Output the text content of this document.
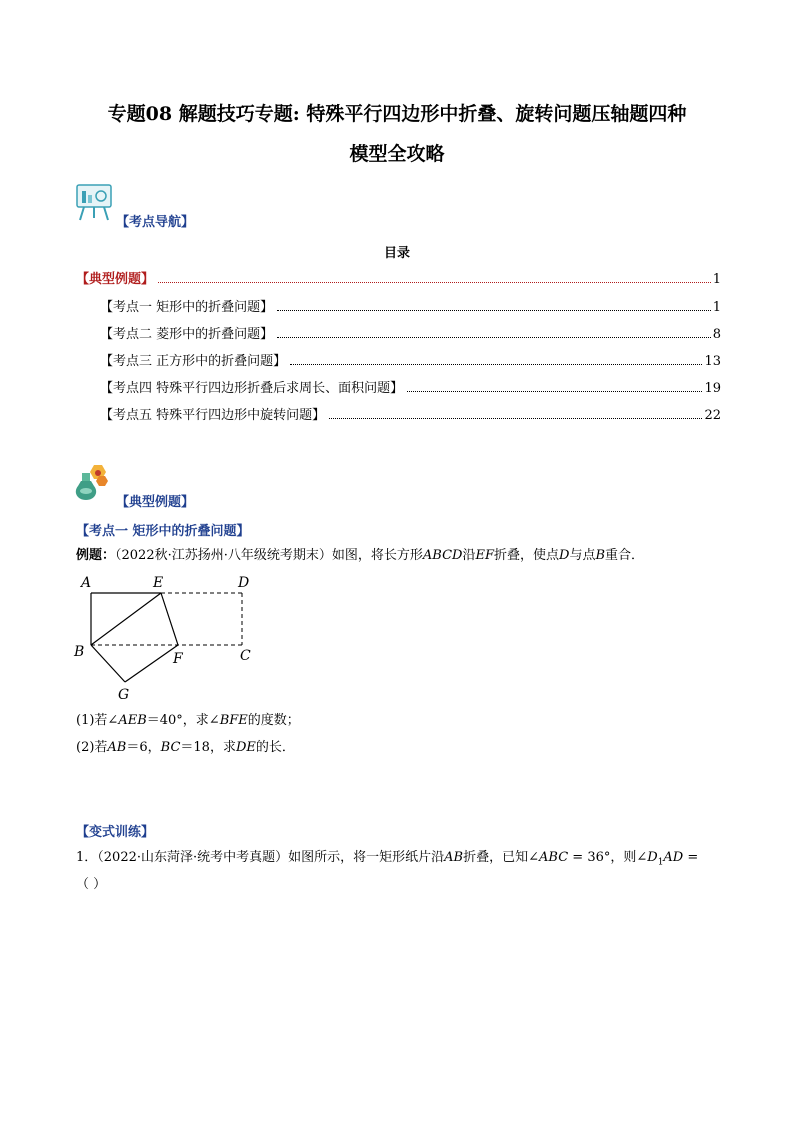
专题08 解题技巧专题: 特殊平行四边形中折叠、旋转问题压轴题四种
模型全攻略
【考点导航】
目录
【典型例题】	1
【考点一 矩形中的折叠问题】	1
【考点二 菱形中的折叠问题】	8
【考点三 正方形中的折叠问题】	13
【考点四 特殊平行四边形折叠后求周长、面积问题】	19
【考点五 特殊平行四边形中旋转问题】	22
【典型例题】
【考点一 矩形中的折叠问题】
例题：（2022秋·江苏扬州·八年级统考期末）如图，将长方形ABCD沿EF折叠，使点D与点B重合．
A	E	D
B	F	C
G
(1)若∠AEB＝40°，求∠BFE的度数；
(2)若AB＝6，BC＝18，求DE的长．
【变式训练】
1．（2022·山东菏泽·统考中考真题）如图所示，将一矩形纸片沿AB折叠，已知∠ABC = 36°，则$\angle D_1AD$ =
（ ）
